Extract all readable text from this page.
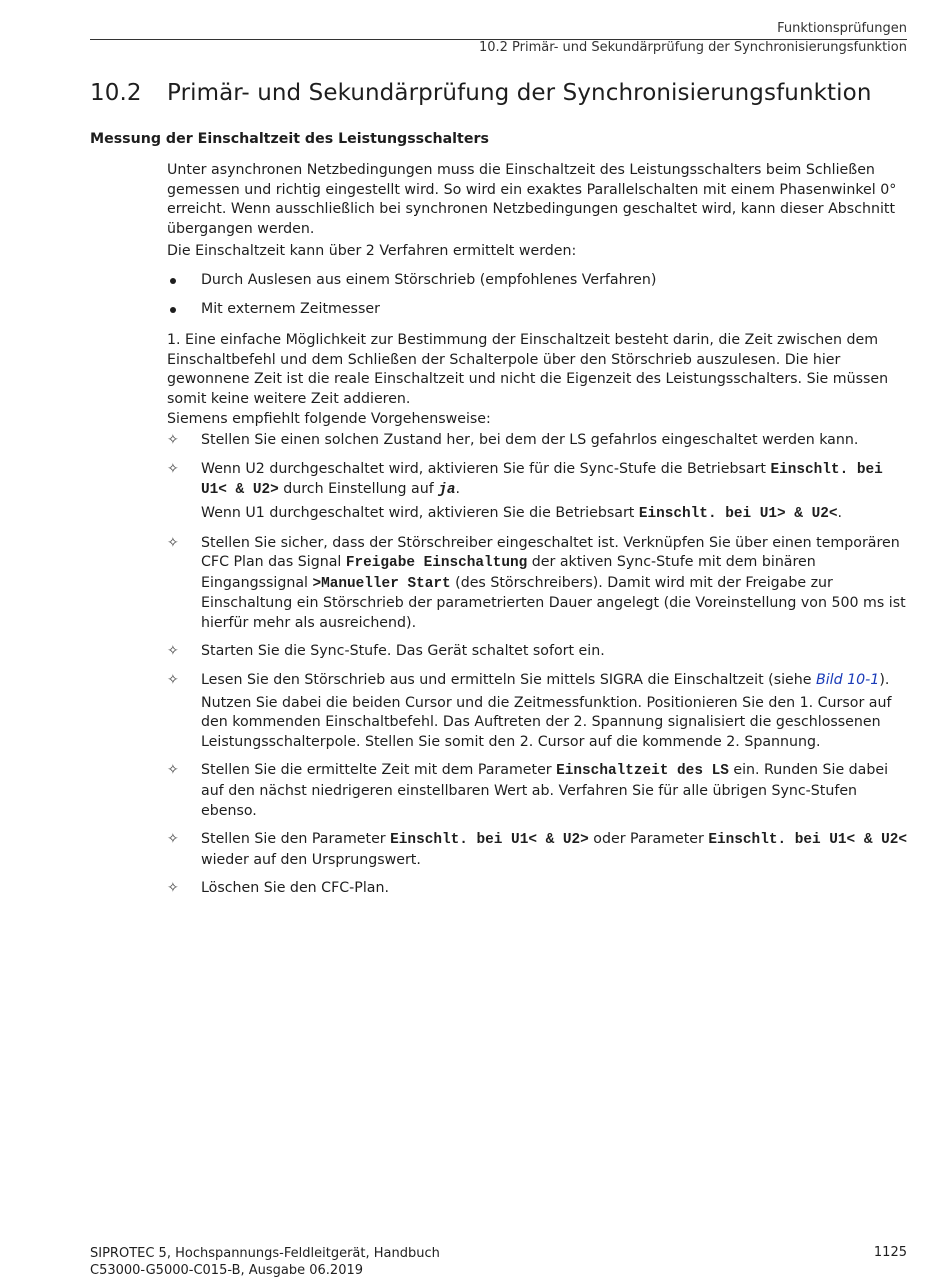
Funktionsprüfungen
10.2 Primär- und Sekundärprüfung der Synchronisierungsfunktion
10.2 Primär- und Sekundärprüfung der Synchronisierungsfunktion
Messung der Einschaltzeit des Leistungsschalters

Unter asynchronen Netzbedingungen muss die Einschaltzeit des Leistungsschalters beim Schließen gemessen und richtig eingestellt wird. So wird ein exaktes Parallelschalten mit einem Phasenwinkel 0° erreicht. Wenn ausschließlich bei synchronen Netzbedingungen geschaltet wird, kann dieser Abschnitt übergangen werden.

Die Einschaltzeit kann über 2 Verfahren ermittelt werden:

Durch Auslesen aus einem Störschrieb (empfohlenes Verfahren)
Mit externem Zeitmesser

1. Eine einfache Möglichkeit zur Bestimmung der Einschaltzeit besteht darin, die Zeit zwischen dem Einschaltbefehl und dem Schließen der Schalterpole über den Störschrieb auszulesen. Die hier gewonnene Zeit ist die reale Einschaltzeit und nicht die Eigenzeit des Leistungsschalters. Sie müssen somit keine weitere Zeit addieren.

Siemens empfiehlt folgende Vorgehensweise:

✧ Stellen Sie einen solchen Zustand her, bei dem der LS gefahrlos eingeschaltet werden kann.
✧ Wenn U2 durchgeschaltet wird, aktivieren Sie für die Sync-Stufe die Betriebsart Einschlt. bei U1< & U2> durch Einstellung auf ja.

Wenn U1 durchgeschaltet wird, aktivieren Sie die Betriebsart Einschlt. bei U1> & U2<.

✧ Stellen Sie sicher, dass der Störschreiber eingeschaltet ist. Verknüpfen Sie über einen temporären CFC Plan das Signal Freigabe Einschaltung der aktiven Sync-Stufe mit dem binären Eingangssignal >Manueller Start (des Störschreibers). Damit wird mit der Freigabe zur Einschaltung ein Störschrieb der parametrierten Dauer angelegt (die Voreinstellung von 500 ms ist hierfür mehr als ausreichend).

✧ Starten Sie die Sync-Stufe. Das Gerät schaltet sofort ein.
✧ Lesen Sie den Störschrieb aus und ermitteln Sie mittels SIGRA die Einschaltzeit (siehe Bild 10-1).

Nutzen Sie dabei die beiden Cursor und die Zeitmessfunktion. Positionieren Sie den 1. Cursor auf den kommenden Einschaltbefehl. Das Auftreten der 2. Spannung signalisiert die geschlossenen Leistungsschalterpole. Stellen Sie somit den 2. Cursor auf die kommende 2. Spannung.

✧ Stellen Sie die ermittelte Zeit mit dem Parameter Einschaltzeit des LS ein. Runden Sie dabei auf den nächst niedrigeren einstellbaren Wert ab. Verfahren Sie für alle übrigen Sync-Stufen ebenso.

✧ Stellen Sie den Parameter Einschlt. bei U1< & U2> oder Parameter Einschlt. bei U1< & U2< wieder auf den Ursprungswert.

✧ Löschen Sie den CFC-Plan.
SIPROTEC 5, Hochspannungs-Feldleitgerät, Handbuch
C53000-G5000-C015-B, Ausgabe 06.2019
1125
